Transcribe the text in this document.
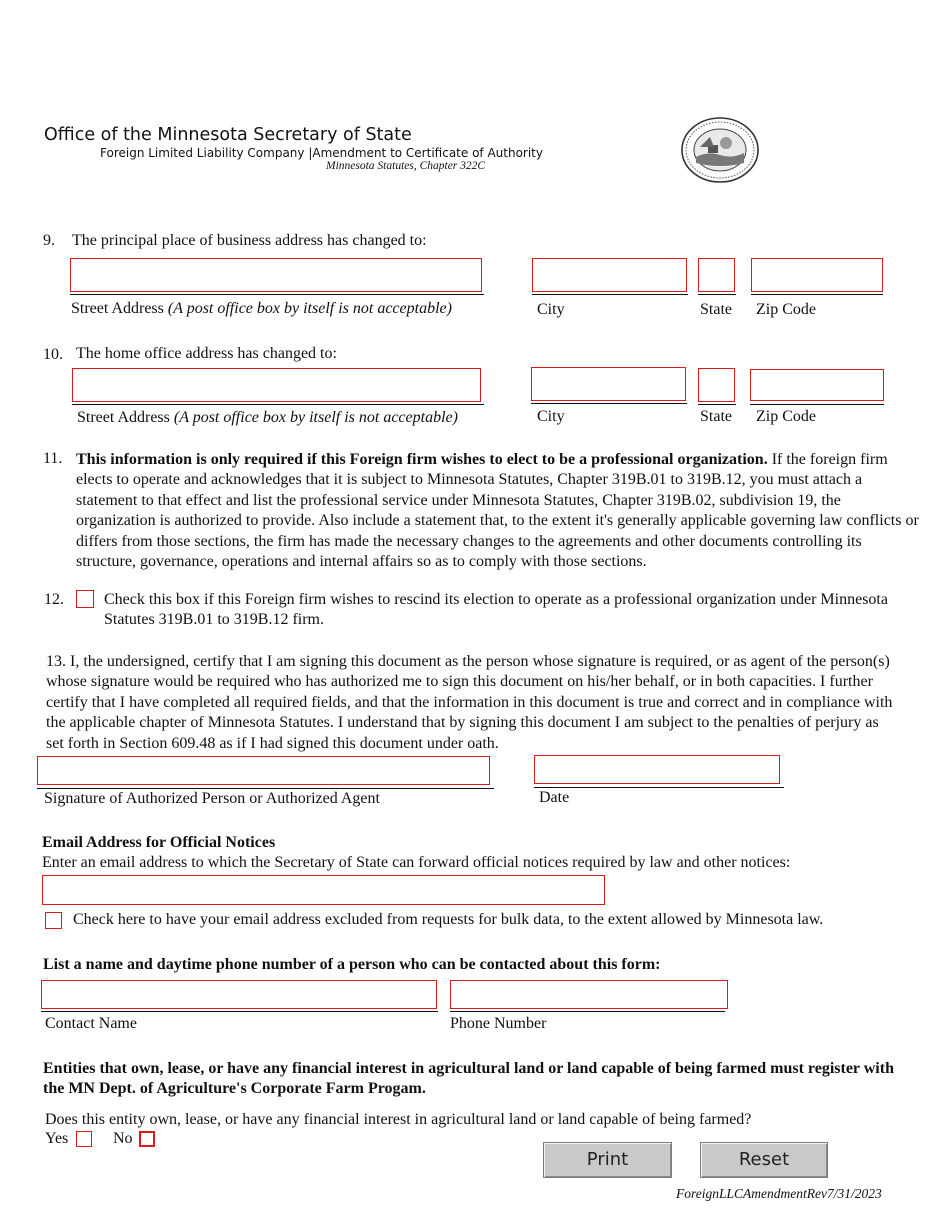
Office of the Minnesota Secretary of State
Foreign Limited Liability Company |Amendment to Certificate of Authority
Minnesota Statutes, Chapter 322C
9. The principal place of business address has changed to:
Street Address (A post office box by itself is not acceptable)	City	State Zip Code
10. The home office address has changed to:
Street Address (A post office box by itself is not acceptable)	City	State Zip Code
11. This information is only required if this Foreign firm wishes to elect to be a professional organization. If the foreign firm elects to operate and acknowledges that it is subject to Minnesota Statutes, Chapter 319B.01 to 319B.12, you must attach a statement to that effect and list the professional service under Minnesota Statutes, Chapter 319B.02, subdivision 19, the organization is authorized to provide. Also include a statement that, to the extent it's generally applicable governing law conflicts or differs from those sections, the firm has made the necessary changes to the agreements and other documents controlling its structure, governance, operations and internal affairs so as to comply with those sections.
12.	Check this box if this Foreign firm wishes to rescind its election to operate as a professional organization under Minnesota Statutes 319B.01 to 319B.12 firm.
13. I, the undersigned, certify that I am signing this document as the person whose signature is required, or as agent of the person(s) whose signature would be required who has authorized me to sign this document on his/her behalf, or in both capacities. I further certify that I have completed all required fields, and that the information in this document is true and correct and in compliance with the applicable chapter of Minnesota Statutes. I understand that by signing this document I am subject to the penalties of perjury as set forth in Section 609.48 as if I had signed this document under oath.
Signature of Authorized Person or Authorized Agent	Date
Email Address for Official Notices
Enter an email address to which the Secretary of State can forward official notices required by law and other notices:
Check here to have your email address excluded from requests for bulk data, to the extent allowed by Minnesota law.
List a name and daytime phone number of a person who can be contacted about this form:
Contact Name	Phone Number
Entities that own, lease, or have any financial interest in agricultural land or land capable of being farmed must register with the MN Dept. of Agriculture's Corporate Farm Progam.
Does this entity own, lease, or have any financial interest in agricultural land or land capable of being farmed?
Yes	No
Print	Reset
ForeignLLCAmendmentRev7/31/2023
